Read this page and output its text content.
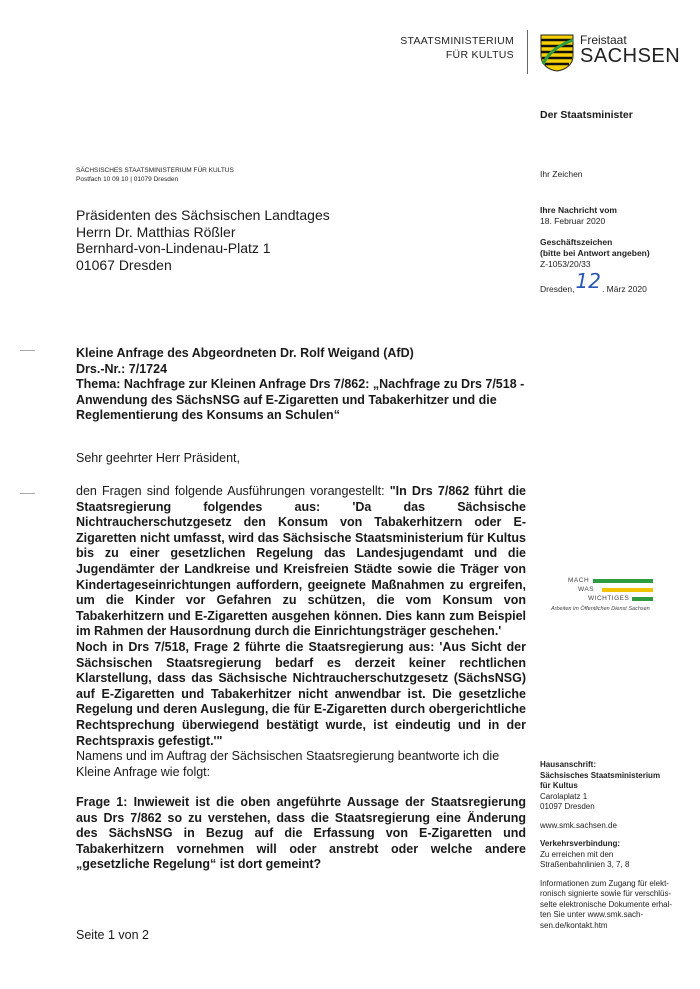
STAATSMINISTERIUM
FÜR KULTUS
Freistaat
SACHSEN
Der Staatsminister
SÄCHSISCHES STAATSMINISTERIUM FÜR KULTUS
Postfach 10 09 10 | 01079 Dresden	Ihr Zeichen
Ihre Nachricht vom
18. Februar 2020
Geschäftszeichen
(bitte bei Antwort angeben)
Z-1053/20/33
Dresden,12. März 2020
Präsidenten des Sächsischen Landtages
Herrn Dr. Matthias Rößler
Bernhard-von-Lindenau-Platz 1
01067 Dresden
Kleine Anfrage des Abgeordneten Dr. Rolf Weigand (AfD)
Drs.-Nr.: 7/1724
Thema: Nachfrage zur Kleinen Anfrage Drs 7/862: „Nachfrage zu Drs 7/518 - Anwendung des SächsNSG auf E-Zigaretten und Tabakerhitzer und die Reglementierung des Konsums an Schulen“
Sehr geehrter Herr Präsident,
den Fragen sind folgende Ausführungen vorangestellt: "In Drs 7/862 führt die Staatsregierung folgendes aus: 'Da das Sächsische Nichtraucherschutzgesetz den Konsum von Tabakerhitzern oder E-Zigaretten nicht umfasst, wird das Sächsische Staatsministerium für Kultus bis zu einer gesetzlichen Regelung das Landesjugendamt und die Jugendämter der Landkreise und Kreisfreien Städte sowie die Träger von Kindertageseinrichtungen auffordern, geeignete Maßnahmen zu ergreifen, um die Kinder vor Gefahren zu schützen, die vom Konsum von Tabakerhitzern und E-Zigaretten ausgehen können. Dies kann zum Beispiel im Rahmen der Hausordnung durch die Einrichtungsträger geschehen.'
Noch in Drs 7/518, Frage 2 führte die Staatsregierung aus: 'Aus Sicht der Sächsischen Staatsregierung bedarf es derzeit keiner rechtlichen Klarstellung, dass das Sächsische Nichtraucherschutzgesetz (SächsNSG) auf E-Zigaretten und Tabakerhitzer nicht anwendbar ist. Die gesetzliche Regelung und deren Auslegung, die für E-Zigaretten durch obergerichtliche Rechtsprechung überwiegend bestätigt wurde, ist eindeutig und in der Rechtspraxis gefestigt.'"
Namens und im Auftrag der Sächsischen Staatsregierung beantworte ich die Kleine Anfrage wie folgt:
Frage 1: Inwieweit ist die oben angeführte Aussage der Staatsregierung aus Drs 7/862 so zu verstehen, dass die Staatsregierung eine Änderung des SächsNSG in Bezug auf die Erfassung von E-Zigaretten und Tabakerhitzern vornehmen will oder anstrebt oder welche andere „gesetzliche Regelung“ ist dort gemeint?
Seite 1 von 2
MACH
WAS
WICHTIGES
Arbeiten im Öffentlichen Dienst Sachsen
Hausanschrift:
Sächsisches Staatsministerium
für Kultus
Carolaplatz 1
01097 Dresden
www.smk.sachsen.de
Verkehrsverbindung:
Zu erreichen mit den
Straßenbahnlinien 3, 7, 8
Informationen zum Zugang für elekt-
ronisch signierte sowie für verschlüs-
selte elektronische Dokumente erhal-
ten Sie unter www.smk.sach-
sen.de/kontakt.htm
